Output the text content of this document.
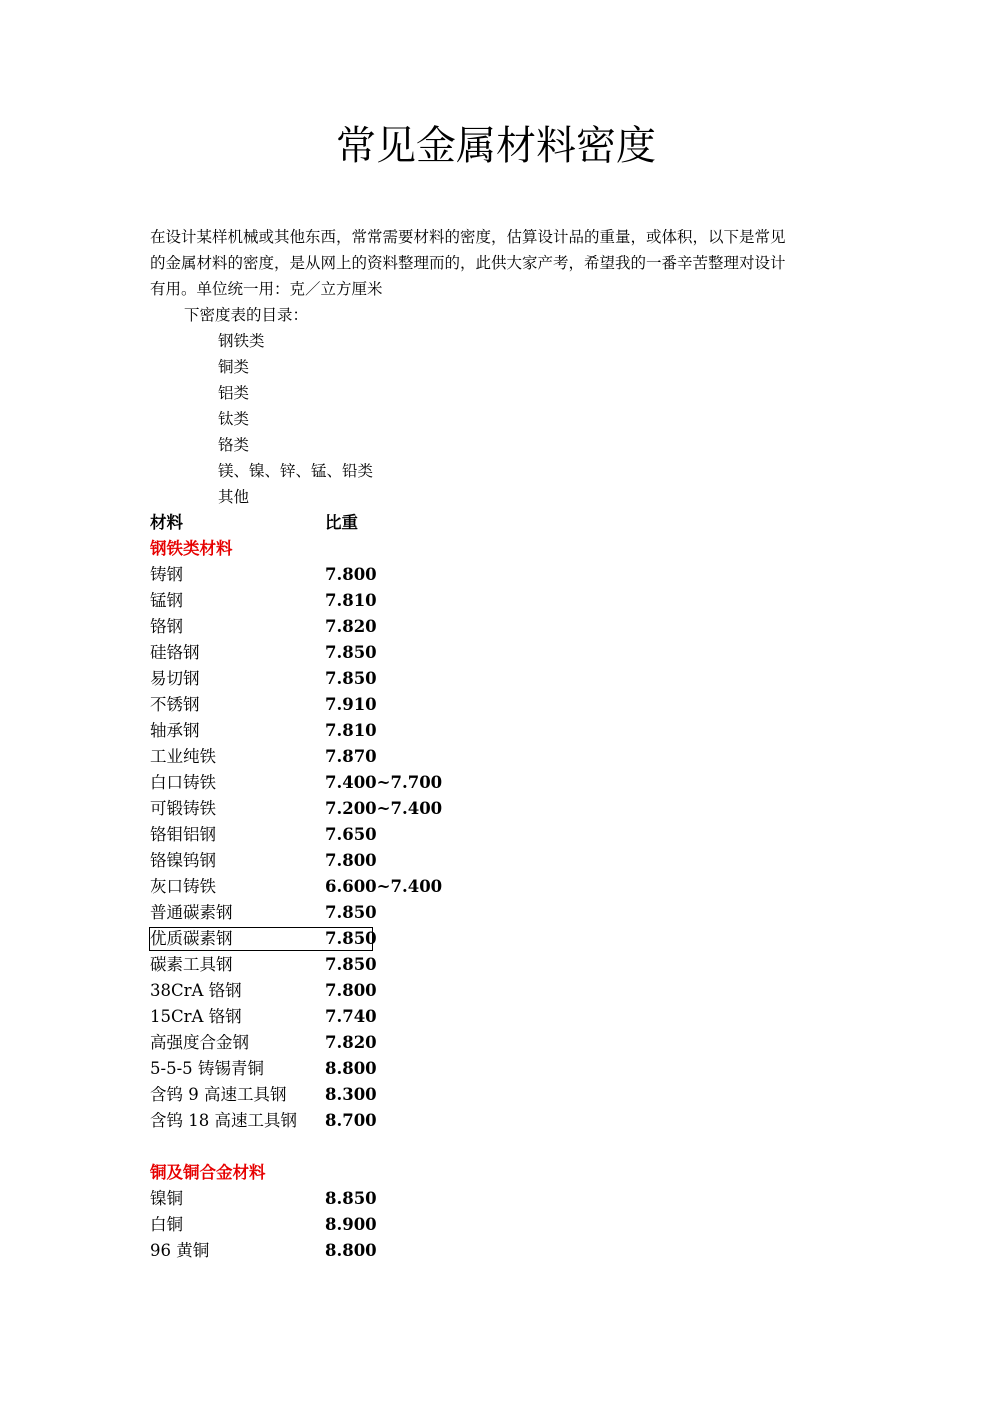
常见金属材料密度

在设计某样机械或其他东西，常常需要材料的密度，估算设计品的重量，或体积，以下是常见

的金属材料的密度，是从网上的资料整理而的，此供大家产考，希望我的一番辛苦整理对设计

有用。单位统一用：克／立方厘米

下密度表的目录：
钢铁类
铜类
铝类
钛类
铬类
镁、镍、锌、锰、铅类
其他
材料	比重
钢铁类材料
铸钢	7.800
锰钢	7.810
铬钢	7.820
硅铬钢	7.850
易切钢	7.850
不锈钢	7.910
轴承钢	7.810
工业纯铁	7.870
白口铸铁	7.400~7.700
可锻铸铁	7.200~7.400
铬钼铝钢	7.650
铬镍钨钢	7.800
灰口铸铁	6.600~7.400
普通碳素钢	7.850
优质碳素钢	7.850
碳素工具钢	7.850
38CrA 铬钢	7.800
15CrA 铬钢	7.740
高强度合金钢	7.820
5-5-5 铸锡青铜	8.800
含钨 9 高速工具钢 8.300
含钨 18 高速工具钢 8.700
铜及铜合金材料
镍铜	8.850
白铜	8.900
96 黄铜	8.800
